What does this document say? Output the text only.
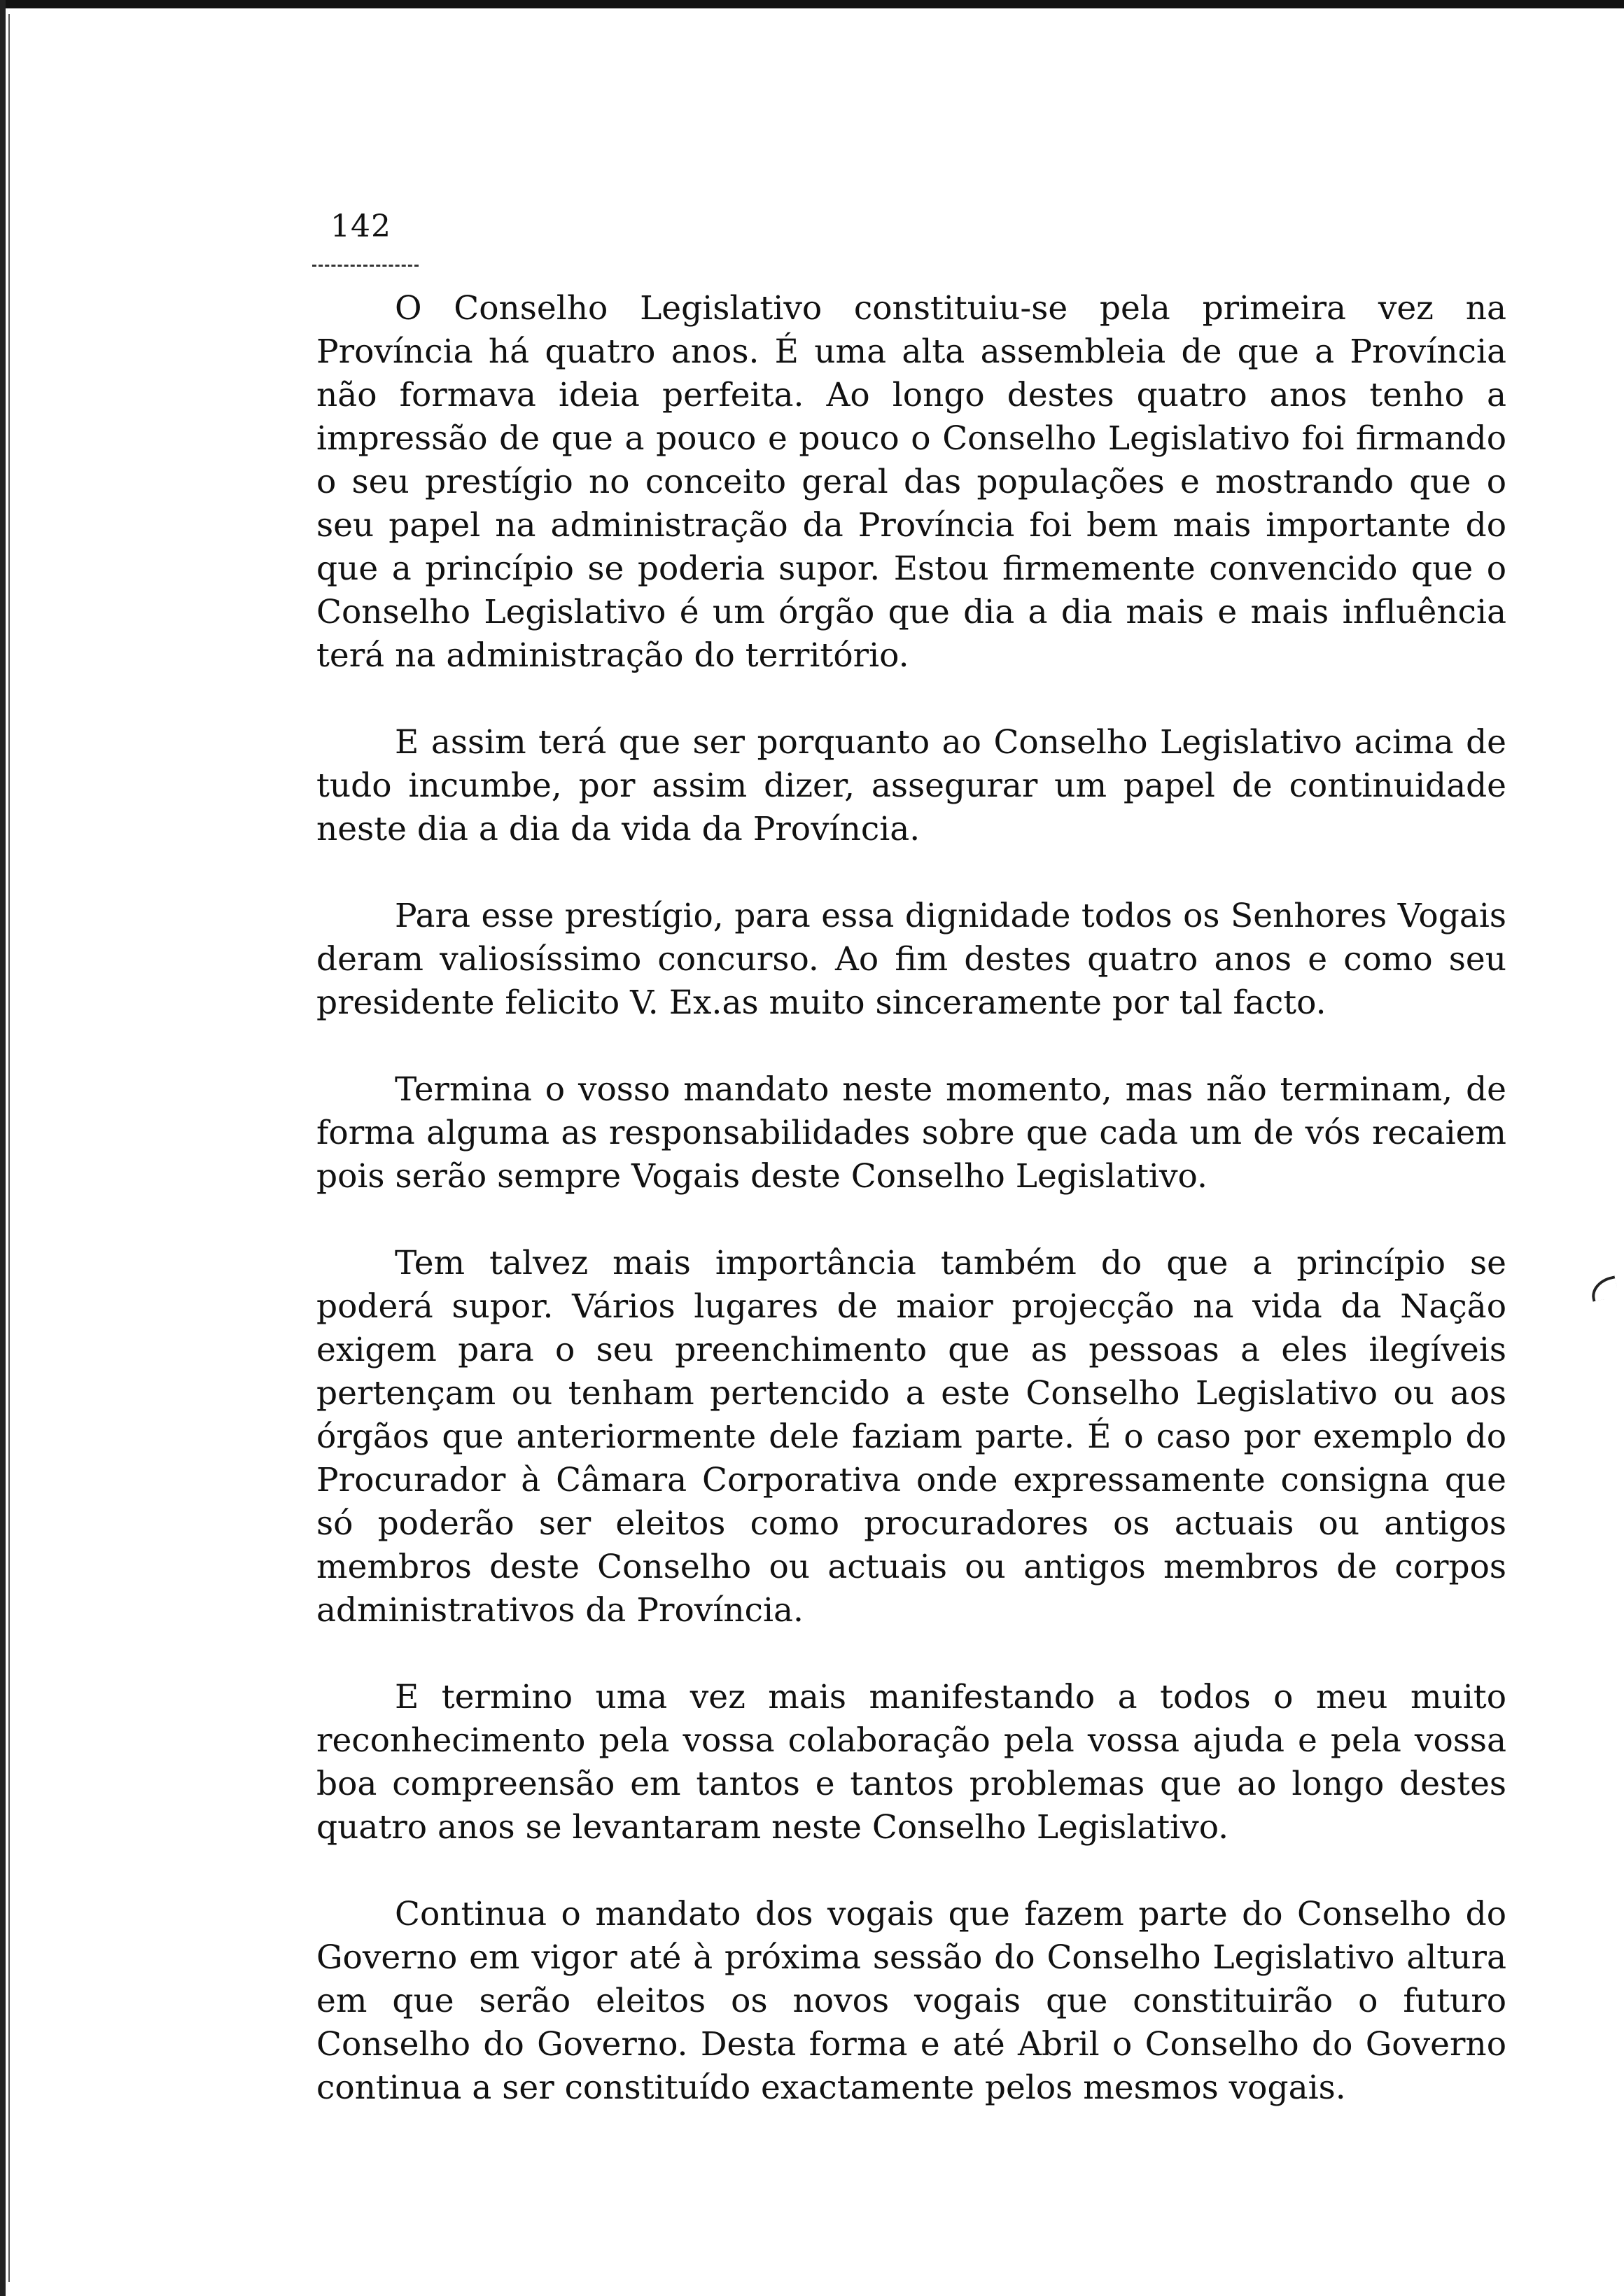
142

O Conselho Legislativo constituiu-se pela primeira vez na Província há quatro anos. É uma alta assembleia de que a Província não formava ideia perfeita. Ao longo destes quatro anos tenho a impressão de que a pouco e pouco o Conselho Legislativo foi firmando o seu prestígio no conceito geral das populações e mostrando que o seu papel na administração da Província foi bem mais importante do que a princípio se poderia supor. Estou firmemente convencido que o Conselho Legislativo é um órgão que dia a dia mais e mais influência terá na administração do território.

E assim terá que ser porquanto ao Conselho Legislativo acima de tudo incumbe, por assim dizer, assegurar um papel de continuidade neste dia a dia da vida da Província.

Para esse prestígio, para essa dignidade todos os Senhores Vogais deram valiosíssimo concurso. Ao fim destes quatro anos e como seu presidente felicito V. Ex.as muito sinceramente por tal facto.

Termina o vosso mandato neste momento, mas não terminam, de forma alguma as responsabilidades sobre que cada um de vós recaiem pois serão sempre Vogais deste Conselho Legislativo.

Tem talvez mais importância também do que a princípio se poderá supor. Vários lugares de maior projecção na vida da Nação exigem para o seu preenchimento que as pessoas a eles ilegíveis pertençam ou tenham pertencido a este Conselho Legislativo ou aos órgãos que anteriormente dele faziam parte. É o caso por exemplo do Procurador à Câmara Corporativa onde expressamente consigna que só poderão ser eleitos como procuradores os actuais ou antigos membros deste Conselho ou actuais ou antigos membros de corpos administrativos da Província.

E termino uma vez mais manifestando a todos o meu muito reconhecimento pela vossa colaboração pela vossa ajuda e pela vossa boa compreensão em tantos e tantos problemas que ao longo destes quatro anos se levantaram neste Conselho Legislativo.

Continua o mandato dos vogais que fazem parte do Conselho do Governo em vigor até à próxima sessão do Conselho Legislativo altura em que serão eleitos os novos vogais que constituirão o futuro Conselho do Governo. Desta forma e até Abril o Conselho do Governo continua a ser constituído exactamente pelos mesmos vogais.
